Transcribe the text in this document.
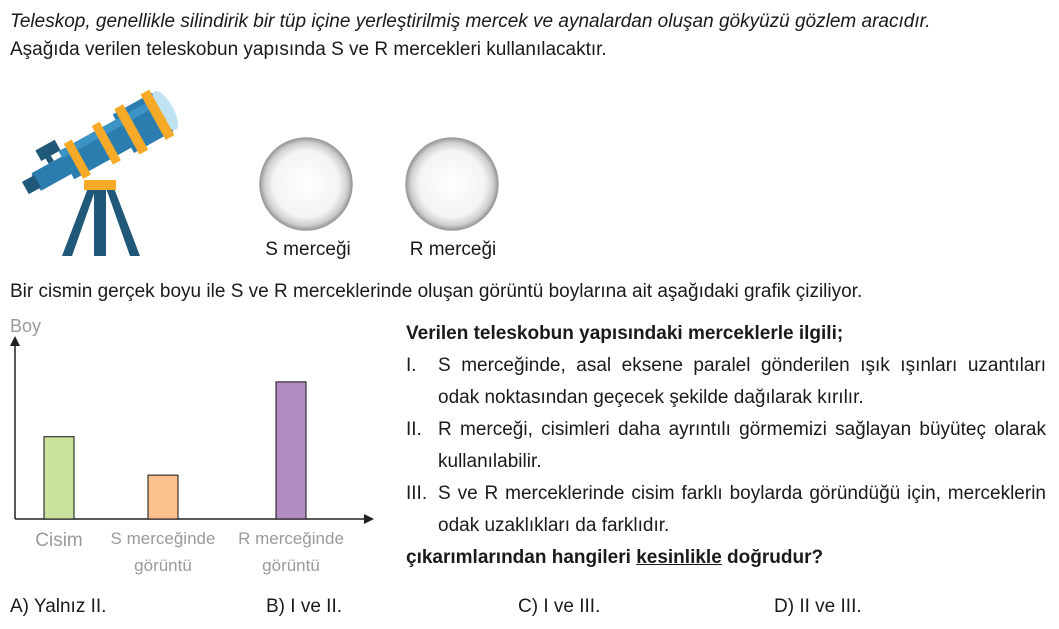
Teleskop, genellikle silindirik bir tüp içine yerleştirilmiş mercek ve aynalardan oluşan gökyüzü gözlem aracıdır.
Aşağıda verilen teleskobun yapısında S ve R mercekleri kullanılacaktır.
S merceği	R merceği
Bir cismin gerçek boyu ile S ve R merceklerinde oluşan görüntü boylarına ait aşağıdaki grafik çiziliyor.
Boy
Cisim S merceğinde
görüntü
R merceğinde
görüntü
Verilen teleskobun yapısındaki merceklerle ilgili;
I.	S merceğinde, asal eksene paralel gönderilen ışık ışınları uzantıları odak noktasından geçecek şekilde dağılarak kırılır.
II. R merceği, cisimleri daha ayrıntılı görmemizi sağlayan büyüteç olarak kullanılabilir.
III. S ve R merceklerinde cisim farklı boylarda göründüğü için, merceklerin odak uzaklıkları da farklıdır.
çıkarımlarından hangileri kesinlikle doğrudur?
A) Yalnız II.	B) I ve II.	C) I ve III.	D) II ve III.
